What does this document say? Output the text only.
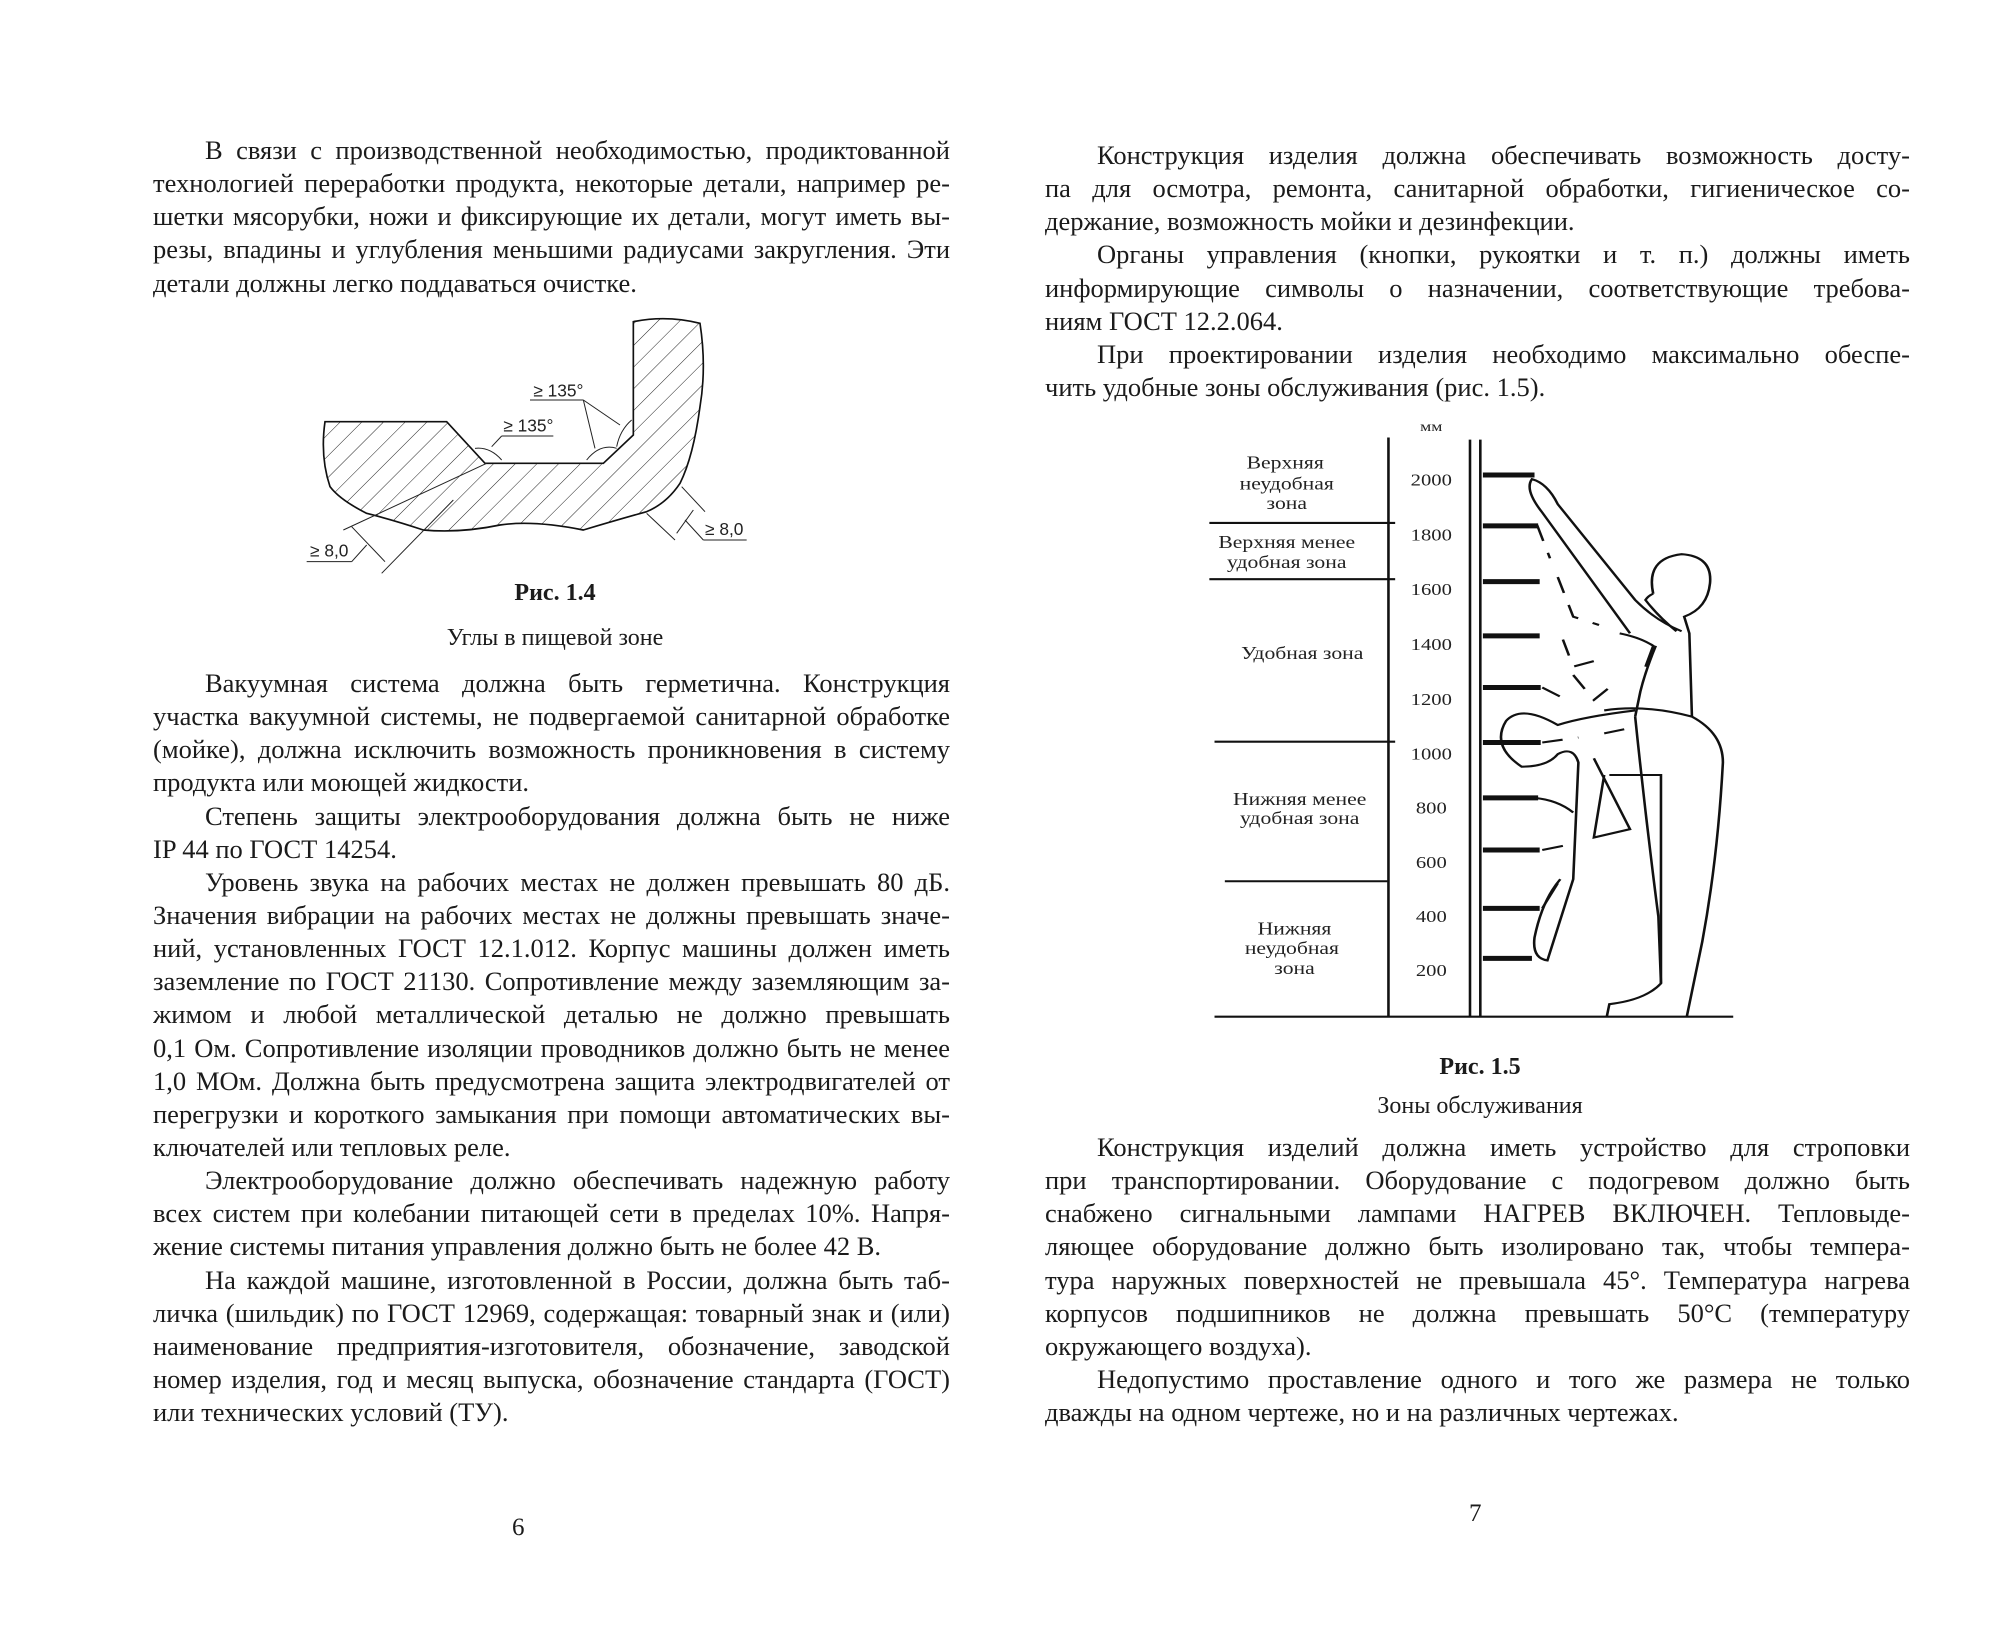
В связи с производственной необходимостью, продиктованной
технологией переработки продукта, некоторые детали, например ре-
шетки мясорубки, ножи и фиксирующие их детали, могут иметь вы-
резы, впадины и углубления меньшими радиусами закругления. Эти
детали должны легко поддаваться очистке.
≥ 135°
≥ 135°
≥ 8,0
≥ 8,0
Рис. 1.4
Углы в пищевой зоне
Вакуумная система должна быть герметична. Конструкция
участка вакуумной системы, не подвергаемой санитарной обработке
(мойке), должна исключить возможность проникновения в систему
продукта или моющей жидкости.
Степень защиты электрооборудования должна быть не ниже
IP 44 по ГОСТ 14254.
Уровень звука на рабочих местах не должен превышать 80 дБ.
Значения вибрации на рабочих местах не должны превышать значе-
ний, установленных ГОСТ 12.1.012. Корпус машины должен иметь
заземление по ГОСТ 21130. Сопротивление между заземляющим за-
жимом и любой металлической деталью не должно превышать
0,1 Ом. Сопротивление изоляции проводников должно быть не менее
1,0 МОм. Должна быть предусмотрена защита электродвигателей от
перегрузки и короткого замыкания при помощи автоматических вы-
ключателей или тепловых реле.
Электрооборудование должно обеспечивать надежную работу
всех систем при колебании питающей сети в пределах 10%. Напря-
жение системы питания управления должно быть не более 42 В.
На каждой машине, изготовленной в России, должна быть таб-
личка (шильдик) по ГОСТ 12969, содержащая: товарный знак и (или)
наименование предприятия-изготовителя, обозначение, заводской
номер изделия, год и месяц выпуска, обозначение стандарта (ГОСТ)
или технических условий (ТУ).
6
Конструкция изделия должна обеспечивать возможность досту-
па для осмотра, ремонта, санитарной обработки, гигиеническое со-
держание, возможность мойки и дезинфекции.
Органы управления (кнопки, рукоятки и т. п.) должны иметь
информирующие символы о назначении, соответствующие требова-
ниям ГОСТ 12.2.064.
При проектировании изделия необходимо максимально обеспе-
чить удобные зоны обслуживания (рис. 1.5).
мм
2000
1800
1600
1400
1200
1000
800
600
400
200
Верхняя
неудобная
зона
Верхняя менее
удобная зона
Удобная зона
Нижняя менее
удобная зона
Нижняя
неудобная
зона
Рис. 1.5
Зоны обслуживания
Конструкция изделий должна иметь устройство для строповки
при транспортировании. Оборудование с подогревом должно быть
снабжено сигнальными лампами НАГРЕВ ВКЛЮЧЕН. Тепловыде-
ляющее оборудование должно быть изолировано так, чтобы темпера-
тура наружных поверхностей не превышала 45°. Температура нагрева
корпусов подшипников не должна превышать 50°C (температуру
окружающего воздуха).
Недопустимо проставление одного и того же размера не только
дважды на одном чертеже, но и на различных чертежах.
7
